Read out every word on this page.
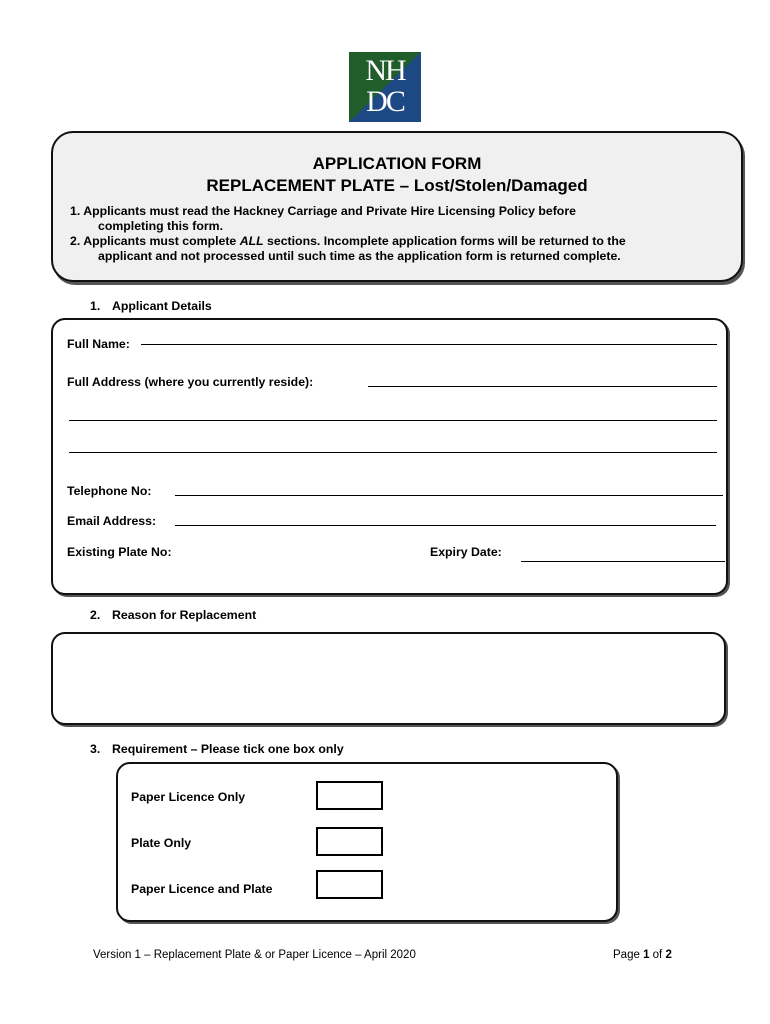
NH
DC
APPLICATION FORM
REPLACEMENT PLATE – Lost/Stolen/Damaged
1. Applicants must read the Hackney Carriage and Private Hire Licensing Policy before
completing this form.
2. Applicants must complete ALL sections. Incomplete application forms will be returned to the
applicant and not processed until such time as the application form is returned complete.
1. Applicant Details
Full Name:
Full Address (where you currently reside):
Telephone No:
Email Address:
Existing Plate No:	Expiry Date:
2. Reason for Replacement
3. Requirement – Please tick one box only
Paper Licence Only
Plate Only
Paper Licence and Plate
Version 1 – Replacement Plate & or Paper Licence – April 2020	Page 1 of 2
